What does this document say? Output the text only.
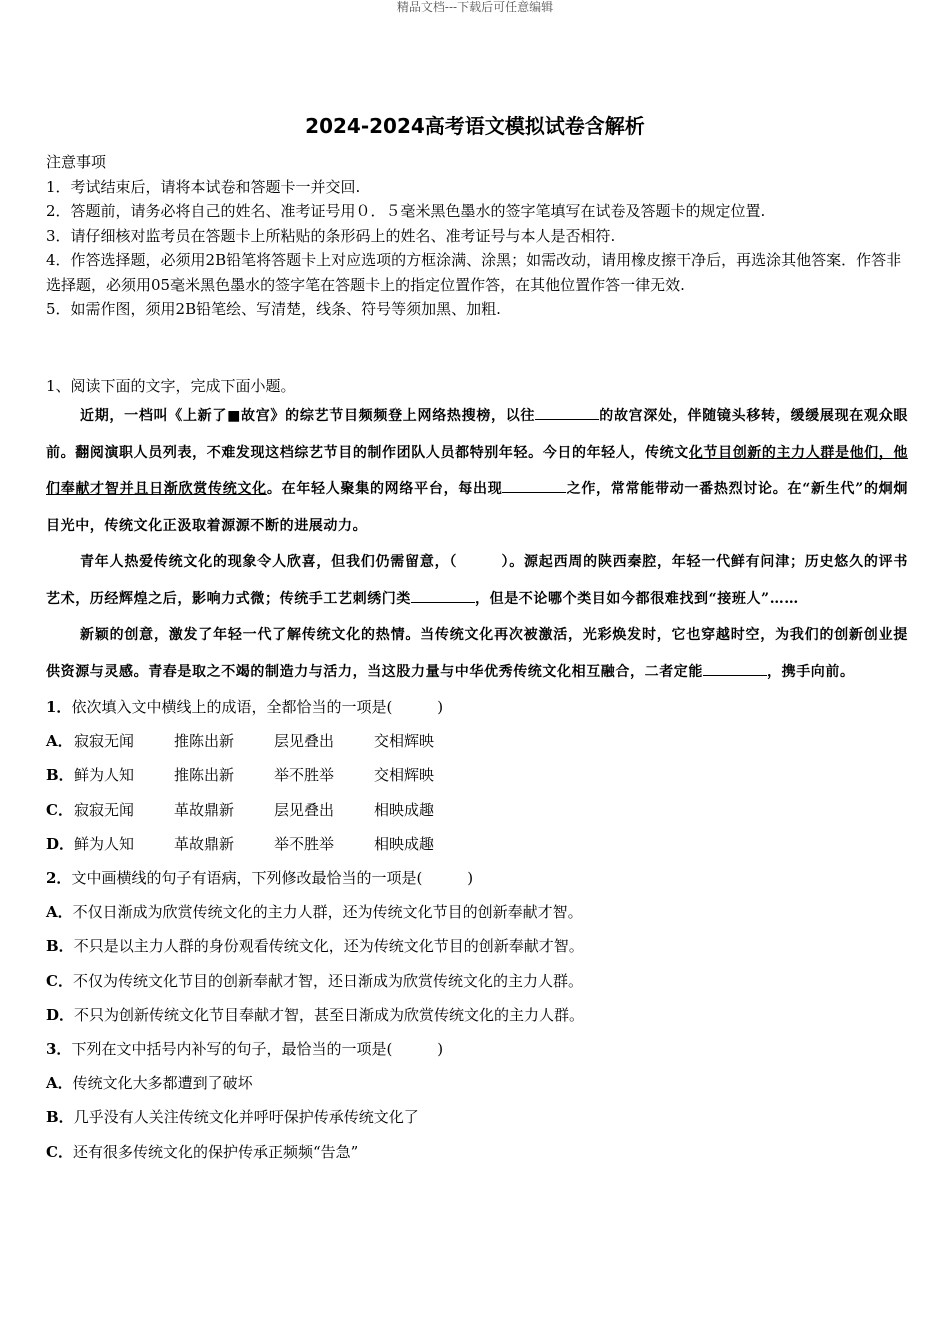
精品文档---下载后可任意编辑
2024-2024高考语文模拟试卷含解析

注意事项

1．考试结束后，请将本试卷和答题卡一并交回.

2．答题前，请务必将自己的姓名、准考证号用０．５毫米黑色墨水的签字笔填写在试卷及答题卡的规定位置.

3．请仔细核对监考员在答题卡上所粘贴的条形码上的姓名、准考证号与本人是否相符.

4．作答选择题，必须用2B铅笔将答题卡上对应选项的方框涂满、涂黑；如需改动，请用橡皮擦干净后，再选涂其他答案．作答非选择题，必须用05毫米黑色墨水的签字笔在答题卡上的指定位置作答，在其他位置作答一律无效.

5．如需作图，须用2B铅笔绘、写清楚，线条、符号等须加黑、加粗.

1、阅读下面的文字，完成下面小题。

近期，一档叫《上新了■故宫》的综艺节目频频登上网络热搜榜，以往	的故宫深处，伴随镜头移转，缓缓展现在观众眼前。翻阅演职人员列表，不难发现这档综艺节目的制作团队人员都特别年轻。今日的年轻人，传统文化节目创新的主力人群是他们，他们奉献才智并且日渐欣赏传统文化。在年轻人聚集的网络平台，每出现	之作，常常能带动一番热烈讨论。在“新生代”的炯炯目光中，传统文化正汲取着源源不断的进展动力。

青年人热爱传统文化的现象令人欣喜，但我们仍需留意，（　　　）。源起西周的陕西秦腔，年轻一代鲜有问津；历史悠久的评书艺术，历经辉煌之后，影响力式微；传统手工艺刺绣门类	，但是不论哪个类目如今都很难找到“接班人”……

新颖的创意，激发了年轻一代了解传统文化的热情。当传统文化再次被激活，光彩焕发时，它也穿越时空，为我们的创新创业提供资源与灵感。青春是取之不竭的制造力与活力，当这股力量与中华优秀传统文化相互融合，二者定能	，携手向前。

1．依次填入文中横线上的成语，全都恰当的一项是(　　　)

A． 寂寂无闻	推陈出新	层见叠出	交相辉映
B． 鲜为人知	推陈出新	举不胜举	交相辉映
C． 寂寂无闻	革故鼎新	层见叠出	相映成趣
D． 鲜为人知	革故鼎新	举不胜举	相映成趣

2．文中画横线的句子有语病，下列修改最恰当的一项是(　　　)

A．不仅日渐成为欣赏传统文化的主力人群，还为传统文化节目的创新奉献才智。

B．不只是以主力人群的身份观看传统文化，还为传统文化节目的创新奉献才智。

C．不仅为传统文化节目的创新奉献才智，还日渐成为欣赏传统文化的主力人群。

D．不只为创新传统文化节目奉献才智，甚至日渐成为欣赏传统文化的主力人群。

3．下列在文中括号内补写的句子，最恰当的一项是(　　　)

A．传统文化大多都遭到了破坏

B．几乎没有人关注传统文化并呼吁保护传承传统文化了

C．还有很多传统文化的保护传承正频频“告急”
